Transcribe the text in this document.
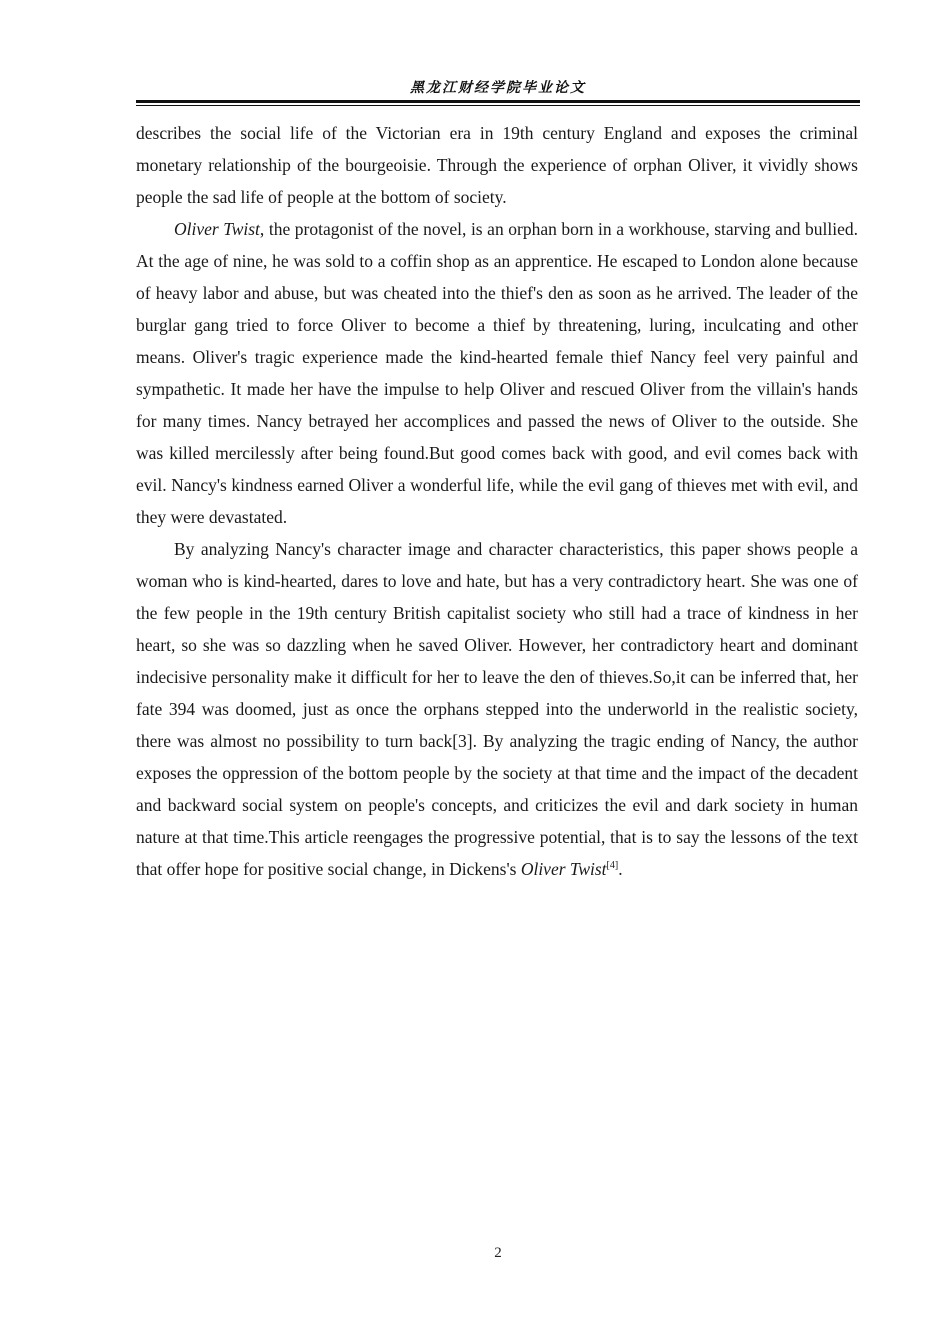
黑龙江财经学院毕业论文

describes the social life of the Victorian era in 19th century England and exposes the criminal monetary relationship of the bourgeoisie. Through the experience of orphan Oliver, it vividly shows people the sad life of people at the bottom of society.

Oliver Twist, the protagonist of the novel, is an orphan born in a workhouse, starving and bullied. At the age of nine, he was sold to a coffin shop as an apprentice. He escaped to London alone because of heavy labor and abuse, but was cheated into the thief's den as soon as he arrived. The leader of the burglar gang tried to force Oliver to become a thief by threatening, luring, inculcating and other means. Oliver's tragic experience made the kind-hearted female thief Nancy feel very painful and sympathetic. It made her have the impulse to help Oliver and rescued Oliver from the villain's hands for many times. Nancy betrayed her accomplices and passed the news of Oliver to the outside. She was killed mercilessly after being found.But good comes back with good, and evil comes back with evil. Nancy's kindness earned Oliver a wonderful life, while the evil gang of thieves met with evil, and they were devastated.

By analyzing Nancy's character image and character characteristics, this paper shows people a woman who is kind-hearted, dares to love and hate, but has a very contradictory heart. She was one of the few people in the 19th century British capitalist society who still had a trace of kindness in her heart, so she was so dazzling when he saved Oliver. However, her contradictory heart and dominant indecisive personality make it difficult for her to leave the den of thieves.So,it can be inferred that, her fate 394 was doomed, just as once the orphans stepped into the underworld in the realistic society, there was almost no possibility to turn back[3]. By analyzing the tragic ending of Nancy, the author exposes the oppression of the bottom people by the society at that time and the impact of the decadent and backward social system on people's concepts, and criticizes the evil and dark society in human nature at that time.This article reengages the progressive potential, that is to say the lessons of the text that offer hope for positive social change, in Dickens's Oliver Twist[4].

2
